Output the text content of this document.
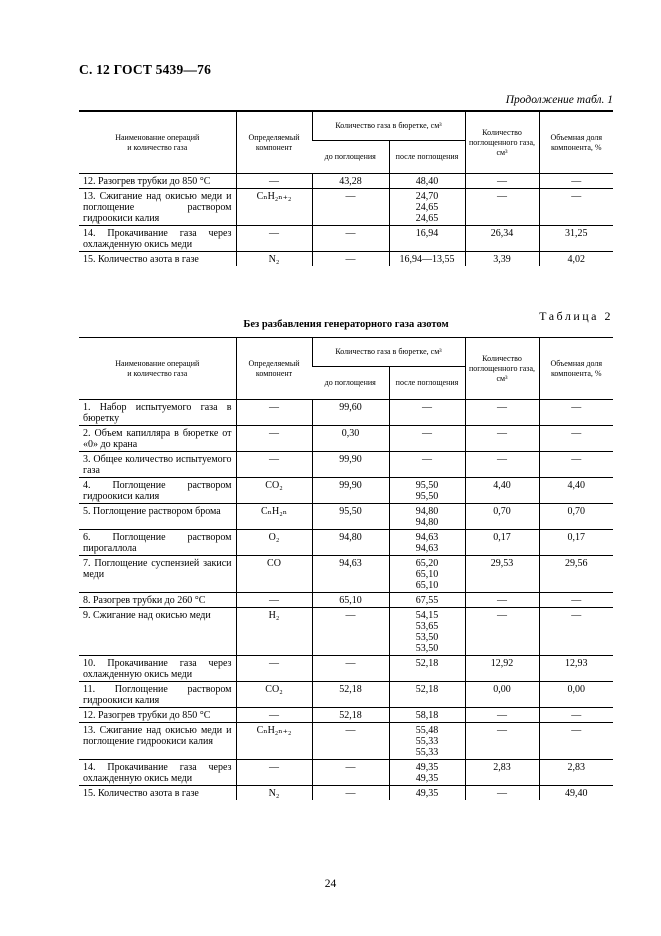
С. 12 ГОСТ 5439—76
Продолжение табл. 1
Наименование операций
и количество газа	Определяемый компонент	Количество газа в бюретке, см³		Количество поглощенного газа, см³	Объемная доля компонента, %
		до поглощения	после поглощения		
12. Разогрев трубки до 850 °С	—	43,28	48,40	—	—
13. Сжигание над окисью меди и поглощение раствором гидроокиси калия	CₙH₂ₙ₊₂	—	24,70
24,65
24,65	—	—
14. Прокачивание газа через охлажденную окись меди	—	—	16,94	26,34	31,25
15. Количество азота в газе	N₂	—	16,94—13,55	3,39	4,02
Таблица 2
Без разбавления генераторного газа азотом
Наименование операций
и количество газа	Определяемый компонент	Количество газа в бюретке, см³		Количество поглощенного газа, см³	Объемная доля компонента, %
		до поглощения	после поглощения		
1. Набор испытуемого газа в бюретку	—	99,60	—	—	—
2. Объем капилляра в бюретке от «0» до крана	—	0,30	—	—	—
3. Общее количество испытуемого газа	—	99,90	—	—	—
4. Поглощение раствором гидроокиси калия	CO₂	99,90	95,50
95,50	4,40	4,40
5. Поглощение раствором брома	CₙH₂ₙ	95,50	94,80
94,80	0,70	0,70
6. Поглощение раствором пирогаллола	O₂	94,80	94,63
94,63	0,17	0,17
7. Поглощение суспензией закиси меди	CO	94,63	65,20
65,10
65,10	29,53	29,56
8. Разогрев трубки до 260 °С	—	65,10	67,55	—	—
9. Сжигание над окисью меди	H₂	—	54,15
53,65
53,50
53,50	—	—
10. Прокачивание газа через охлажденную окись меди	—	—	52,18	12,92	12,93
11. Поглощение раствором гидроокиси калия	CO₂	52,18	52,18	0,00	0,00
12. Разогрев трубки до 850 °С	—	52,18	58,18	—	—
13. Сжигание над окисью меди и поглощение гидроокиси калия	CₙH₂ₙ₊₂	—	55,48
55,33
55,33	—	—
14. Прокачивание газа через охлажденную окись меди	—	—	49,35
49,35	2,83	2,83
15. Количество азота в газе	N₂	—	49,35	—	49,40
24
